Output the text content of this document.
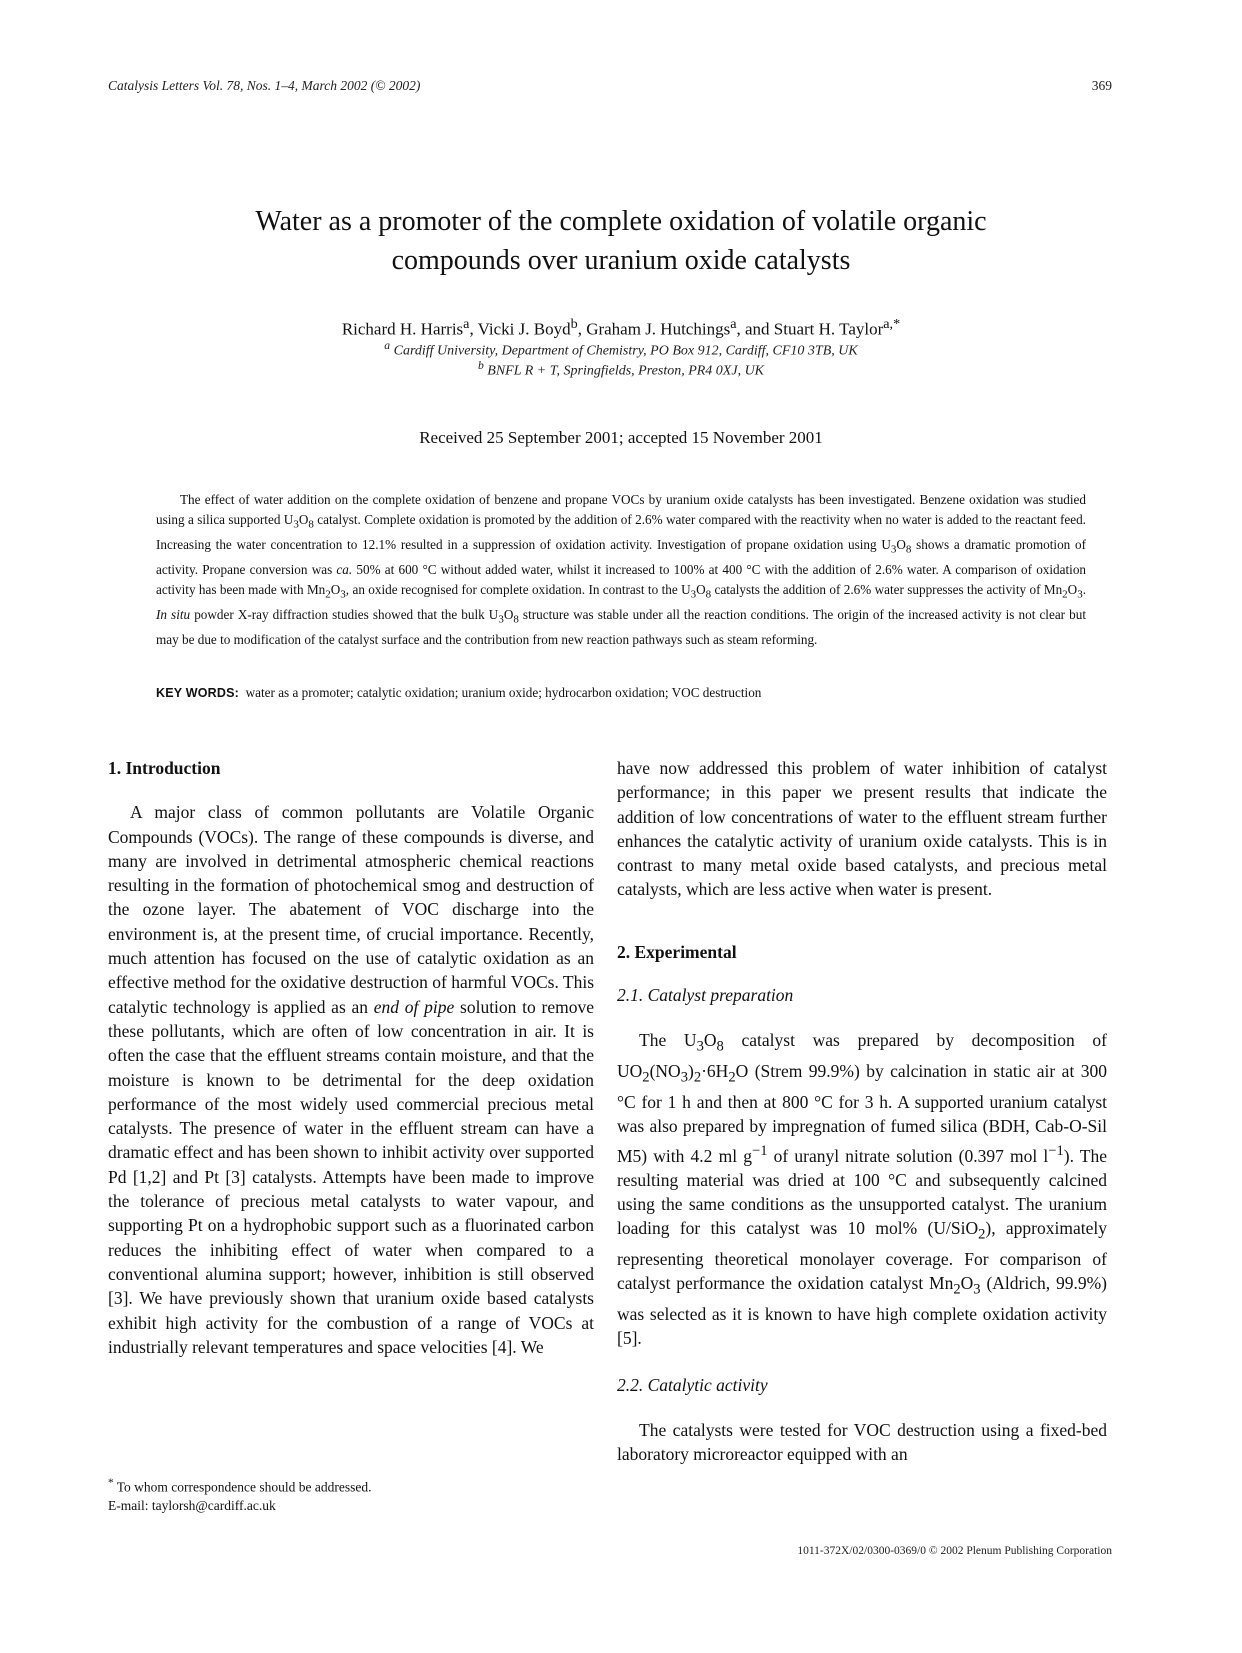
Catalysis Letters Vol. 78, Nos. 1–4, March 2002 (© 2002)	369
Water as a promoter of the complete oxidation of volatile organic
compounds over uranium oxide catalysts
Richard H. Harris$^a$, Vicki J. Boyd$^b$, Graham J. Hutchings$^a$, and Stuart H. Taylor$^{a,*}$
$^a$ Cardiff University, Department of Chemistry, PO Box 912, Cardiff, CF10 3TB, UK
$^b$ BNFL R + T, Springfields, Preston, PR4 0XJ, UK
Received 25 September 2001; accepted 15 November 2001

The effect of water addition on the complete oxidation of benzene and propane VOCs by uranium oxide catalysts has been investigated. Benzene oxidation was studied using a silica supported $U_3O_8$ catalyst. Complete oxidation is promoted by the addition of 2.6% water compared with the reactivity when no water is added to the reactant feed. Increasing the water concentration to 12.1% resulted in a suppression of oxidation activity. Investigation of propane oxidation using $U_3O_8$ shows a dramatic promotion of activity. Propane conversion was ca. 50% at 600 °C without added water, whilst it increased to 100% at 400 °C with the addition of 2.6% water. A comparison of oxidation activity has been made with $Mn_2O_3$, an oxide recognised for complete oxidation. In contrast to the $U_3O_8$ catalysts the addition of 2.6% water suppresses the activity of $Mn_2O_3$. In situ powder X-ray diffraction studies showed that the bulk $U_3O_8$ structure was stable under all the reaction conditions. The origin of the increased activity is not clear but may be due to modification of the catalyst surface and the contribution from new reaction pathways such as steam reforming.

KEY WORDS: water as a promoter; catalytic oxidation; uranium oxide; hydrocarbon oxidation; VOC destruction
1. Introduction

A major class of common pollutants are Volatile Organic Compounds (VOCs). The range of these compounds is diverse, and many are involved in detrimental atmospheric chemical reactions resulting in the formation of photochemical smog and destruction of the ozone layer. The abatement of VOC discharge into the environment is, at the present time, of crucial importance. Recently, much attention has focused on the use of catalytic oxidation as an effective method for the oxidative destruction of harmful VOCs. This catalytic technology is applied as an end of pipe solution to remove these pollutants, which are often of low concentration in air. It is often the case that the effluent streams contain moisture, and that the moisture is known to be detrimental for the deep oxidation performance of the most widely used commercial precious metal catalysts. The presence of water in the effluent stream can have a dramatic effect and has been shown to inhibit activity over supported Pd [1,2] and Pt [3] catalysts. Attempts have been made to improve the tolerance of precious metal catalysts to water vapour, and supporting Pt on a hydrophobic support such as a fluorinated carbon reduces the inhibiting effect of water when compared to a conventional alumina support; however, inhibition is still observed [3]. We have previously shown that uranium oxide based catalysts exhibit high activity for the combustion of a range of VOCs at industrially relevant temperatures and space velocities [4]. We

have now addressed this problem of water inhibition of catalyst performance; in this paper we present results that indicate the addition of low concentrations of water to the effluent stream further enhances the catalytic activity of uranium oxide catalysts. This is in contrast to many metal oxide based catalysts, and precious metal catalysts, which are less active when water is present.

2. Experimental
2.1. Catalyst preparation

The $U_3O_8$ catalyst was prepared by decomposition of $UO_2(NO_3)_2\cdot 6H_2O$ (Strem 99.9%) by calcination in static air at 300 °C for 1 h and then at 800 °C for 3 h. A supported uranium catalyst was also prepared by impregnation of fumed silica (BDH, Cab-O-Sil M5) with 4.2 ml $g^{-1}$ of uranyl nitrate solution (0.397 mol $l^{-1}$). The resulting material was dried at 100 °C and subsequently calcined using the same conditions as the unsupported catalyst. The uranium loading for this catalyst was 10 mol% (U/SiO$_2$), approximately representing theoretical monolayer coverage. For comparison of catalyst performance the oxidation catalyst $Mn_2O_3$ (Aldrich, 99.9%) was selected as it is known to have high complete oxidation activity [5].

2.2. Catalytic activity

The catalysts were tested for VOC destruction using a fixed-bed laboratory microreactor equipped with an

* To whom correspondence should be addressed.
E-mail: taylorsh@cardiff.ac.uk
1011-372X/02/0300-0369/0 © 2002 Plenum Publishing Corporation
